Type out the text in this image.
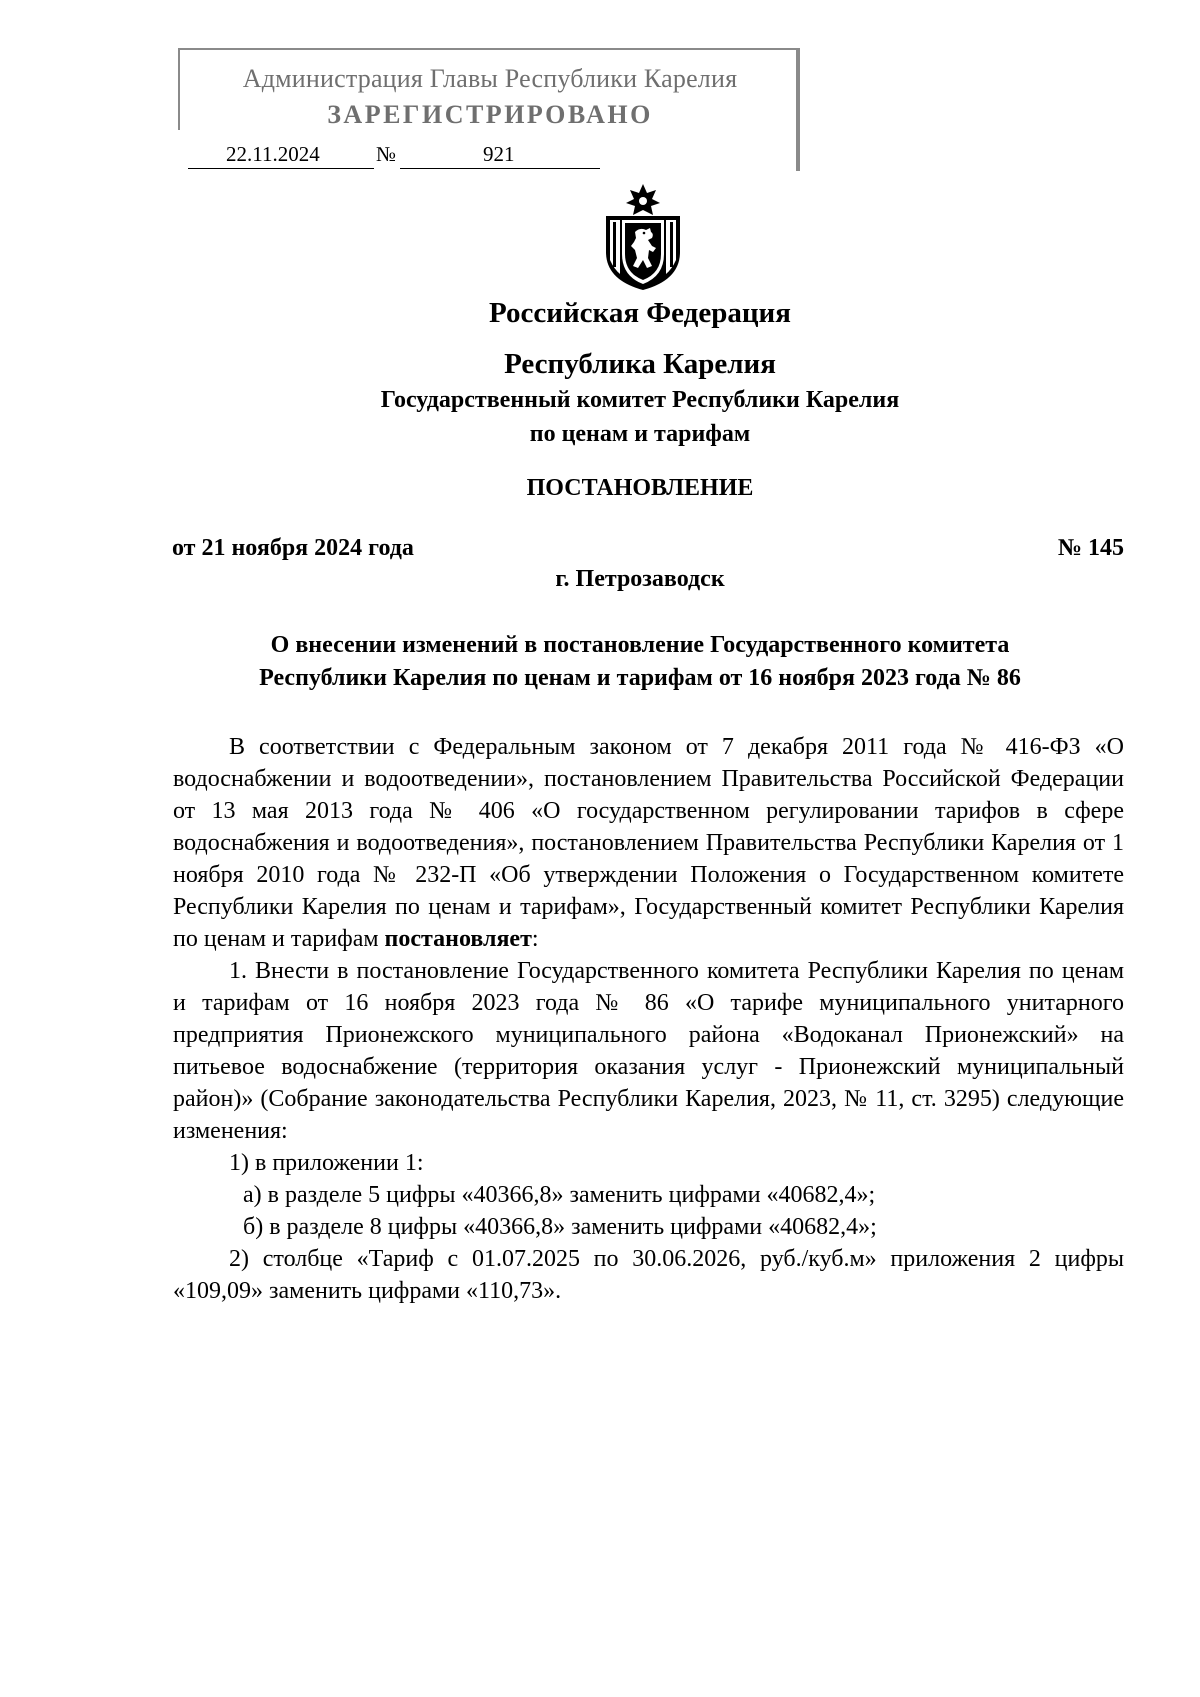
Администрация Главы Республики Карелия
ЗАРЕГИСТРИРОВАНО
22.11.2024	№	921
Российская Федерация
Республика Карелия
Государственный комитет Республики Карелия
по ценам и тарифам
ПОСТАНОВЛЕНИЕ
от 21 ноября 2024 года	№ 145
г. Петрозаводск
О внесении изменений в постановление Государственного комитета
Республики Карелия по ценам и тарифам от 16 ноября 2023 года № 86

В соответствии с Федеральным законом от 7 декабря 2011 года № 416-ФЗ «О водоснабжении и водоотведении», постановлением Правительства Российской Федерации от 13 мая 2013 года № 406 «О государственном регулировании тарифов в сфере водоснабжения и водоотведения», постановлением Правительства Республики Карелия от 1 ноября 2010 года № 232-П «Об утверждении Положения о Государственном комитете Республики Карелия по ценам и тарифам», Государственный комитет Республики Карелия по ценам и тарифам постановляет:

1. Внести в постановление Государственного комитета Республики Карелия по ценам и тарифам от 16 ноября 2023 года № 86 «О тарифе муниципального унитарного предприятия Прионежского муниципального района «Водоканал Прионежский» на питьевое водоснабжение (территория оказания услуг - Прионежский муниципальный район)» (Собрание законодательства Республики Карелия, 2023, № 11, ст. 3295) следующие изменения:

1) в приложении 1:

а) в разделе 5 цифры «40366,8» заменить цифрами «40682,4»;

б) в разделе 8 цифры «40366,8» заменить цифрами «40682,4»;

2) столбце «Тариф с 01.07.2025 по 30.06.2026, руб./куб.м» приложения 2 цифры «109,09» заменить цифрами «110,73».
